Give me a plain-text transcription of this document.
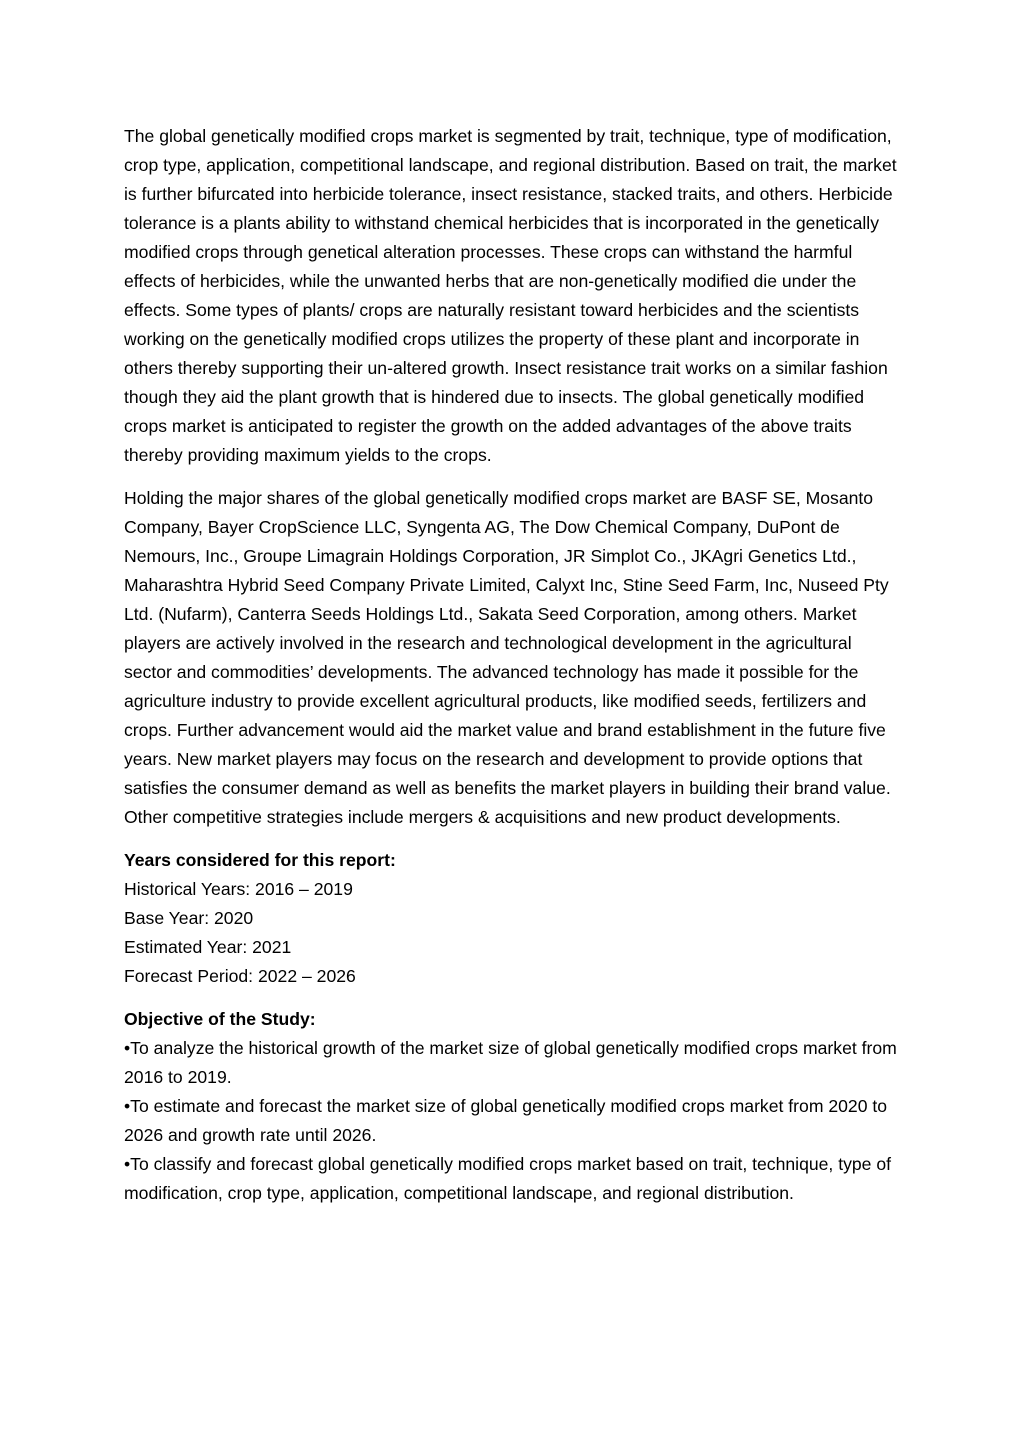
The global genetically modified crops market is segmented by trait, technique, type of modification, crop type, application, competitional landscape, and regional distribution. Based on trait, the market is further bifurcated into herbicide tolerance, insect resistance, stacked traits, and others. Herbicide tolerance is a plants ability to withstand chemical herbicides that is incorporated in the genetically modified crops through genetical alteration processes. These crops can withstand the harmful effects of herbicides, while the unwanted herbs that are non-genetically modified die under the effects. Some types of plants/ crops are naturally resistant toward herbicides and the scientists working on the genetically modified crops utilizes the property of these plant and incorporate in others thereby supporting their un-altered growth. Insect resistance trait works on a similar fashion though they aid the plant growth that is hindered due to insects. The global genetically modified crops market is anticipated to register the growth on the added advantages of the above traits thereby providing maximum yields to the crops.

Holding the major shares of the global genetically modified crops market are BASF SE, Mosanto Company, Bayer CropScience LLC, Syngenta AG, The Dow Chemical Company, DuPont de Nemours, Inc., Groupe Limagrain Holdings Corporation, JR Simplot Co., JKAgri Genetics Ltd., Maharashtra Hybrid Seed Company Private Limited, Calyxt Inc, Stine Seed Farm, Inc, Nuseed Pty Ltd. (Nufarm), Canterra Seeds Holdings Ltd., Sakata Seed Corporation, among others. Market players are actively involved in the research and technological development in the agricultural sector and commodities’ developments. The advanced technology has made it possible for the agriculture industry to provide excellent agricultural products, like modified seeds, fertilizers and crops. Further advancement would aid the market value and brand establishment in the future five years. New market players may focus on the research and development to provide options that satisfies the consumer demand as well as benefits the market players in building their brand value. Other competitive strategies include mergers & acquisitions and new product developments.

Years considered for this report:
Historical Years: 2016 – 2019
Base Year: 2020
Estimated Year: 2021
Forecast Period: 2022 – 2026
Objective of the Study:
•To analyze the historical growth of the market size of global genetically modified crops market from 2016 to 2019.
•To estimate and forecast the market size of global genetically modified crops market from 2020 to 2026 and growth rate until 2026.
•To classify and forecast global genetically modified crops market based on trait, technique, type of modification, crop type, application, competitional landscape, and regional distribution.
